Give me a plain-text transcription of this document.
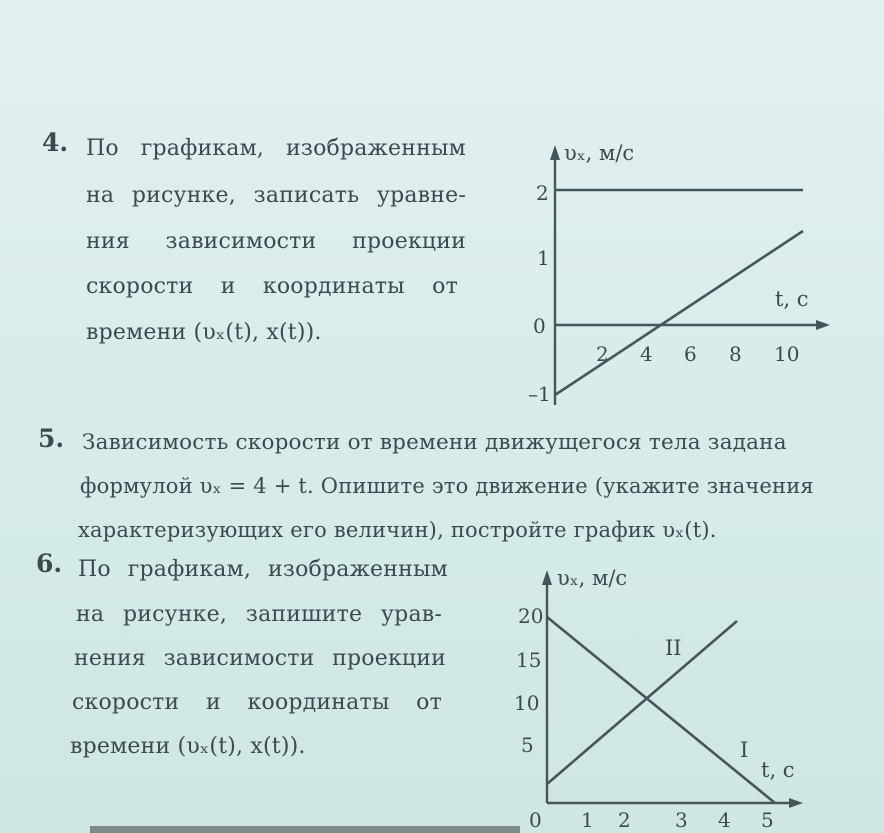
4. По графикам, изображенным
на рисунке, записать уравне-
ния зависимости проекции
скорости и координаты от
времени (υₓ(t), x(t)).
υₓ, м/с
t, c
2
1
0
–1
2 4 6 8 10
5. Зависимость скорости от времени движущегося тела задана
формулой υₓ = 4 + t. Опишите это движение (укажите значения
характеризующих его величин), постройте график υₓ(t).
6. По графикам, изображенным
на рисунке, запишите урав-
нения зависимости проекции
скорости и координаты от
времени (υₓ(t), x(t)).
υₓ, м/с
t, c
20
15
10
5
0 1 2 3 4 5
II
I
